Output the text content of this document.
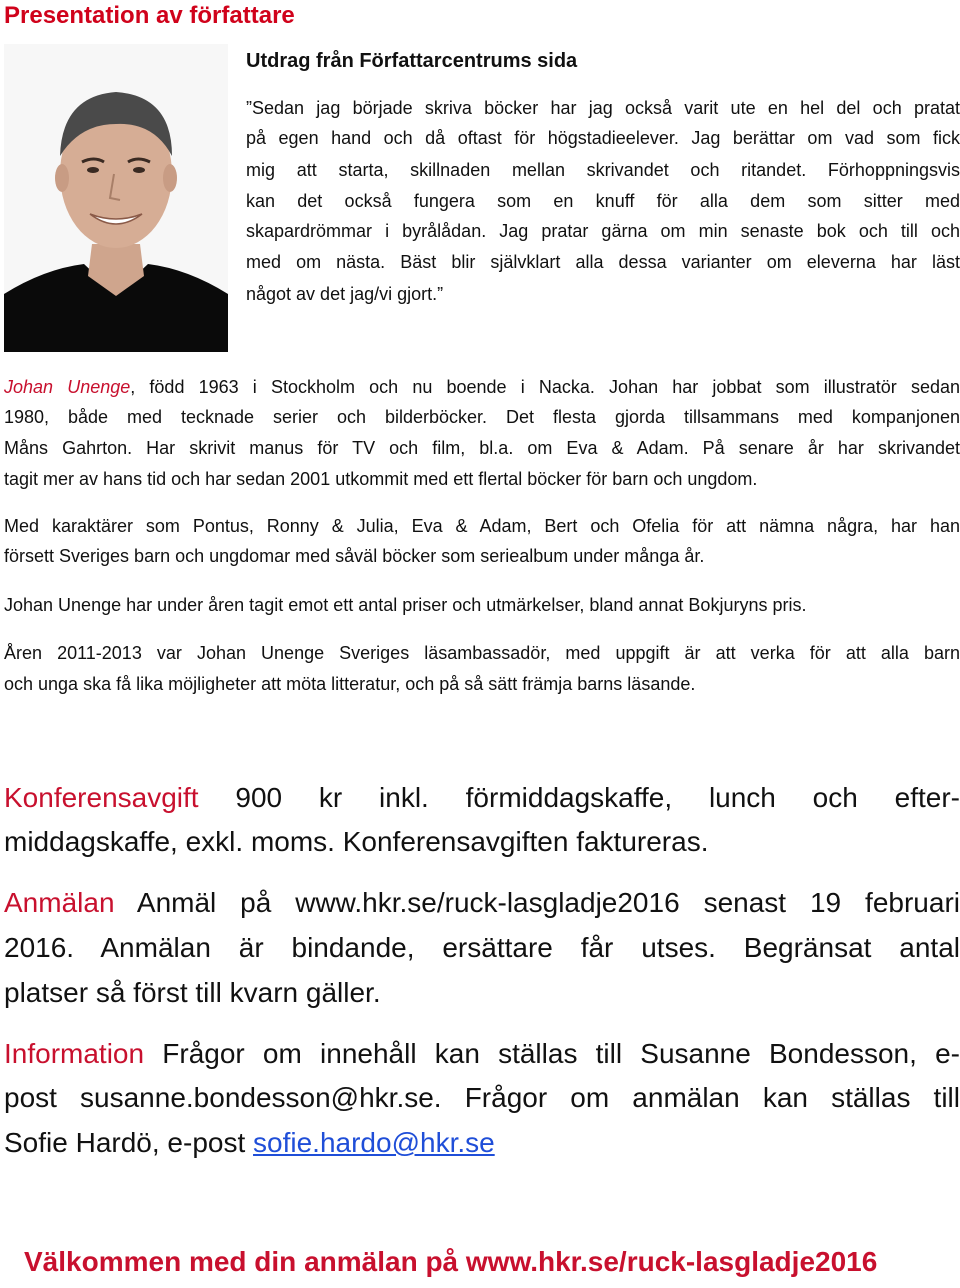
Presentation av författare
Utdrag från Författarcentrums sida
”Sedan jag började skriva böcker har jag också varit ute en hel del och pratat
på egen hand och då oftast för högstadieelever. Jag berättar om vad som fick
mig att starta, skillnaden mellan skrivandet och ritandet. Förhoppningsvis
kan det också fungera som en knuff för alla dem som sitter med
skapardrömmar i byrålådan. Jag pratar gärna om min senaste bok och till och
med om nästa. Bäst blir självklart alla dessa varianter om eleverna har läst
något av det jag/vi gjort.”
Johan Unenge, född 1963 i Stockholm och nu boende i Nacka. Johan har jobbat som illustratör sedan
1980, både med tecknade serier och bilderböcker. Det flesta gjorda tillsammans med kompanjonen
Måns Gahrton. Har skrivit manus för TV och film, bl.a. om Eva & Adam. På senare år har skrivandet
tagit mer av hans tid och har sedan 2001 utkommit med ett flertal böcker för barn och ungdom.
Med karaktärer som Pontus, Ronny & Julia, Eva & Adam, Bert och Ofelia för att nämna några, har han
försett Sveriges barn och ungdomar med såväl böcker som seriealbum under många år.
Johan Unenge har under åren tagit emot ett antal priser och utmärkelser, bland annat Bokjuryns pris.
Åren 2011-2013 var Johan Unenge Sveriges läsambassadör, med uppgift är att verka för att alla barn
och unga ska få lika möjligheter att möta litteratur, och på så sätt främja barns läsande.
Konferensavgift 900 kr inkl. förmiddagskaffe, lunch och efter-
middagskaffe, exkl. moms. Konferensavgiften faktureras.
Anmälan Anmäl på www.hkr.se/ruck-lasgladje2016 senast 19 februari
2016. Anmälan är bindande, ersättare får utses. Begränsat antal
platser så först till kvarn gäller.
Information Frågor om innehåll kan ställas till Susanne Bondesson, e-
post susanne.bondesson@hkr.se. Frågor om anmälan kan ställas till
Sofie Hardö, e-post sofie.hardo@hkr.se
Välkommen med din anmälan på www.hkr.se/ruck-lasgladje2016
